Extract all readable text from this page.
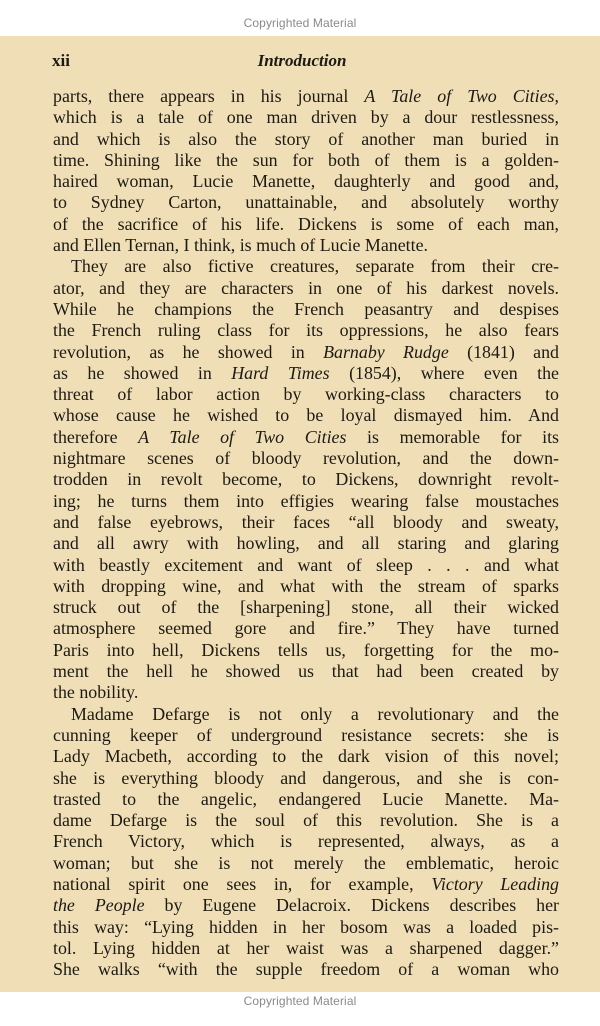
Copyrighted Material
xii	Introduction
parts, there appears in his journal A Tale of Two Cities,
which is a tale of one man driven by a dour restlessness,
and which is also the story of another man buried in
time. Shining like the sun for both of them is a golden-
haired woman, Lucie Manette, daughterly and good and,
to Sydney Carton, unattainable, and absolutely worthy
of the sacrifice of his life. Dickens is some of each man,
and Ellen Ternan, I think, is much of Lucie Manette.
They are also fictive creatures, separate from their cre-
ator, and they are characters in one of his darkest novels.
While he champions the French peasantry and despises
the French ruling class for its oppressions, he also fears
revolution, as he showed in Barnaby Rudge (1841) and
as he showed in Hard Times (1854), where even the
threat of labor action by working-class characters to
whose cause he wished to be loyal dismayed him. And
therefore A Tale of Two Cities is memorable for its
nightmare scenes of bloody revolution, and the down-
trodden in revolt become, to Dickens, downright revolt-
ing; he turns them into effigies wearing false moustaches
and false eyebrows, their faces “all bloody and sweaty,
and all awry with howling, and all staring and glaring
with beastly excitement and want of sleep . . . and what
with dropping wine, and what with the stream of sparks
struck out of the [sharpening] stone, all their wicked
atmosphere seemed gore and fire.” They have turned
Paris into hell, Dickens tells us, forgetting for the mo-
ment the hell he showed us that had been created by
the nobility.
Madame Defarge is not only a revolutionary and the
cunning keeper of underground resistance secrets: she is
Lady Macbeth, according to the dark vision of this novel;
she is everything bloody and dangerous, and she is con-
trasted to the angelic, endangered Lucie Manette. Ma-
dame Defarge is the soul of this revolution. She is a
French Victory, which is represented, always, as a
woman; but she is not merely the emblematic, heroic
national spirit one sees in, for example, Victory Leading
the People by Eugene Delacroix. Dickens describes her
this way: “Lying hidden in her bosom was a loaded pis-
tol. Lying hidden at her waist was a sharpened dagger.”
She walks “with the supple freedom of a woman who
Copyrighted Material
